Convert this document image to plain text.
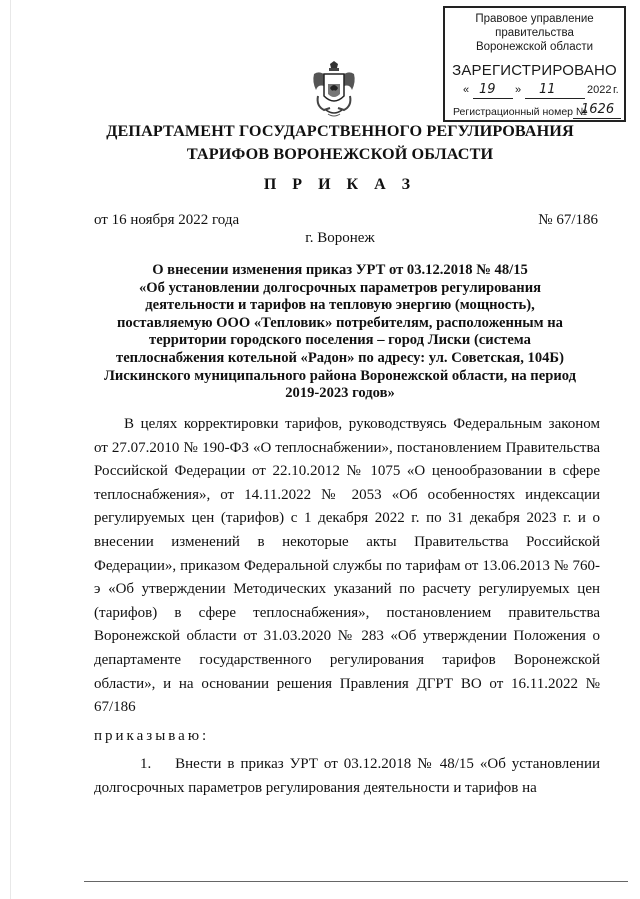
Правовое управление правительства
Воронежской области
ЗАРЕГИСТРИРОВАНО
« 19 » 11	2022 г.
Регистрационный номер №
1626
ДЕПАРТАМЕНТ ГОСУДАРСТВЕННОГО РЕГУЛИРОВАНИЯ
ТАРИФОВ ВОРОНЕЖСКОЙ ОБЛАСТИ
П Р И К А З
от 16 ноября 2022 года	№ 67/186
г. Воронеж
О внесении изменения приказ УРТ от 03.12.2018 № 48/15
«Об установлении долгосрочных параметров регулирования
деятельности и тарифов на тепловую энергию (мощность),
поставляемую ООО «Тепловик» потребителям, расположенным на
территории городского поселения – город Лиски (система
теплоснабжения котельной «Радон» по адресу: ул. Советская, 104Б)
Лискинского муниципального района Воронежской области, на период
2019-2023 годов»

В целях корректировки тарифов, руководствуясь Федеральным законом от 27.07.2010 № 190-ФЗ «О теплоснабжении», постановлением Правительства Российской Федерации от 22.10.2012 № 1075 «О ценообразовании в сфере теплоснабжения», от 14.11.2022 № 2053 «Об особенностях индексации регулируемых цен (тарифов) с 1 декабря 2022 г. по 31 декабря 2023 г. и о внесении изменений в некоторые акты Правительства Российской Федерации», приказом Федеральной службы по тарифам от 13.06.2013 № 760-э «Об утверждении Методических указаний по расчету регулируемых цен (тарифов) в сфере теплоснабжения», постановлением правительства Воронежской области от 31.03.2020 № 283 «Об утверждении Положения о департаменте государственного регулирования тарифов Воронежской области», и на основании решения Правления ДГРТ ВО от 16.11.2022 № 67/186

приказываю:

1.    Внести в приказ УРТ от 03.12.2018 № 48/15 «Об установлении долгосрочных параметров регулирования деятельности и тарифов на
